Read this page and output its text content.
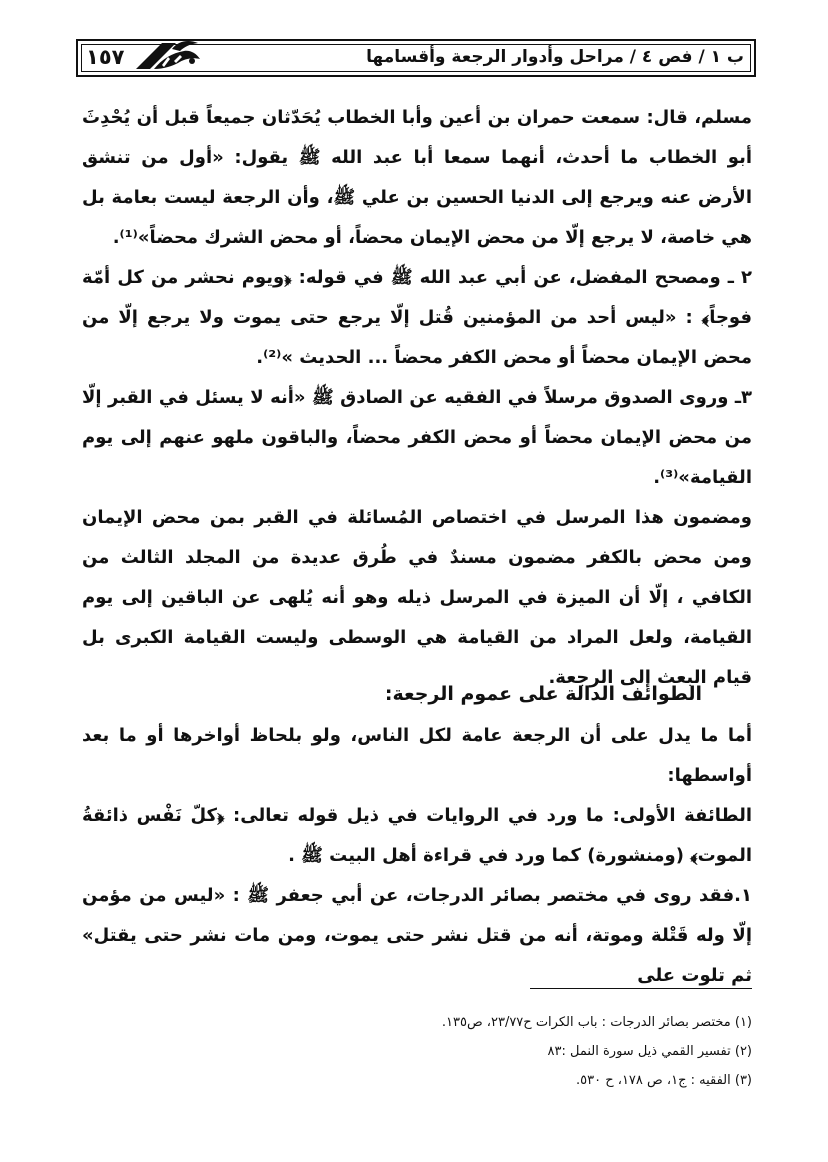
١٥٧	ب ١ / فص ٤ / مراحل وأدوار الرجعة وأقسامها

مسلم، قال: سمعت حمران بن أعين وأبا الخطاب يُحَدّثان جميعاً قبل أن يُحْدِثَ أبو الخطاب ما أحدث، أنهما سمعا أبا عبد الله ﷺ يقول: «أول من تنشق الأرض عنه ويرجع إلى الدنيا الحسين بن علي ﷺ، وأن الرجعة ليست بعامة بل هي خاصة، لا يرجع إلّا من محض الإيمان محضاً، أو محض الشرك محضاً»⁽¹⁾.

٢ ـ ومصحح المفضل، عن أبي عبد الله ﷺ في قوله: ﴿ويوم نحشر من كل أمّة فوجاً﴾ : «ليس أحد من المؤمنين قُتل إلّا يرجع حتى يموت ولا يرجع إلّا من محض الإيمان محضاً أو محض الكفر محضاً ... الحديث »⁽²⁾.

٣ـ وروى الصدوق مرسلاً في الفقيه عن الصادق ﷺ «أنه لا يسئل في القبر إلّا من محض الإيمان محضاً أو محض الكفر محضاً، والباقون ملهو عنهم إلى يوم القيامة»⁽³⁾.

ومضمون هذا المرسل في اختصاص المُسائلة في القبر بمن محض الإيمان ومن محض بالكفر مضمون مسندٌ في طُرق عديدة من المجلد الثالث من الكافي ، إلّا أن الميزة في المرسل ذيله وهو أنه يُلهى عن الباقين إلى يوم القيامة، ولعل المراد من القيامة هي الوسطى وليست القيامة الكبرى بل قيام البعث إلى الرجعة.

الطوائف الدالة على عموم الرجعة:

أما ما يدل على أن الرجعة عامة لكل الناس، ولو بلحاظ أواخرها أو ما بعد أواسطها:

الطائفة الأولى: ما ورد في الروايات في ذيل قوله تعالى: ﴿كلّ نَفْس ذائقةُ الموت﴾ (ومنشورة) كما ورد في قراءة أهل البيت ﷺ .

١.فقد روى في مختصر بصائر الدرجات، عن أبي جعفر ﷺ : «ليس من مؤمن إلّا وله قَتْلة وموتة، أنه من قتل نشر حتى يموت، ومن مات نشر حتى يقتل» ثم تلوت على

(١) مختصر بصائر الدرجات : باب الكرات ح٢٣/٧٧، ص١٣٥.
(٢) تفسير القمي ذيل سورة النمل :٨٣
(٣) الفقيه : ج١، ص ١٧٨، ح ٥٣٠.
